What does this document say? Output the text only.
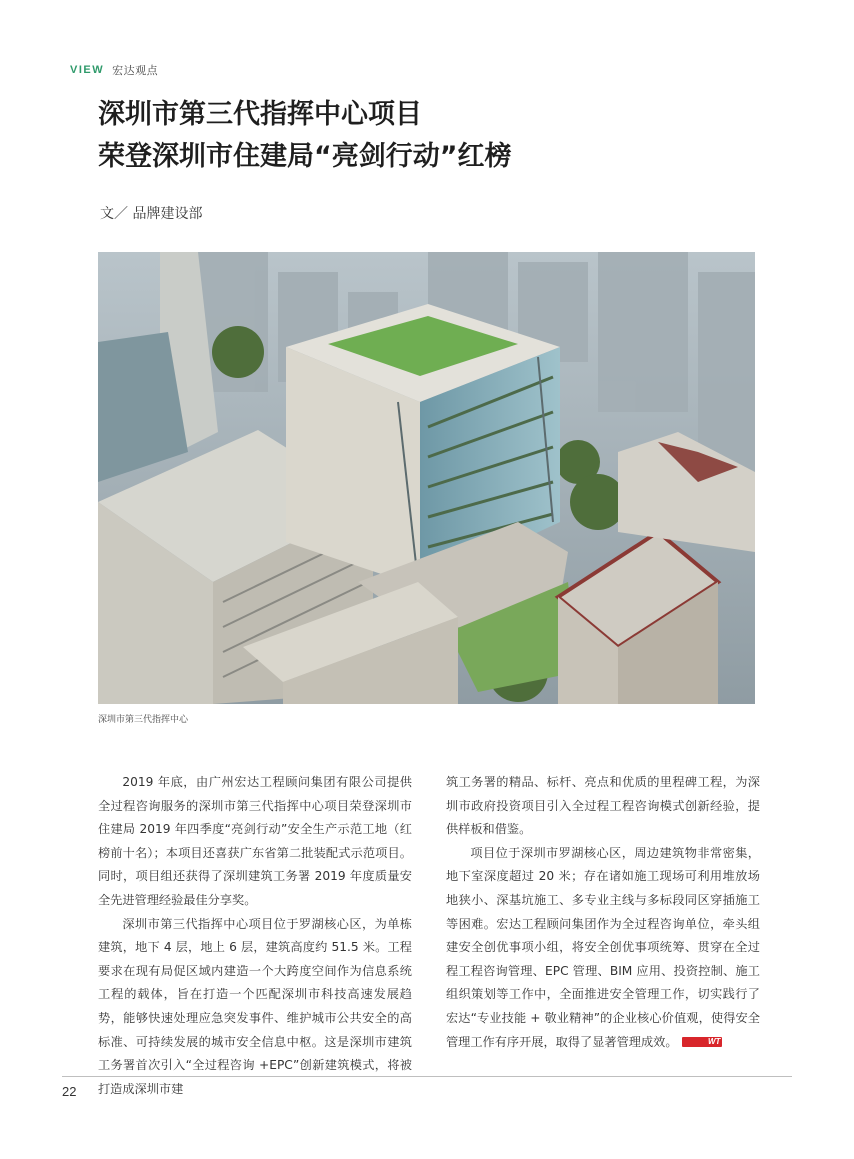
VIEW 宏达观点
深圳市第三代指挥中心项目
荣登深圳市住建局“亮剑行动”红榜
文／ 品牌建设部
深圳市第三代指挥中心

2019 年底，由广州宏达工程顾问集团有限公司提供全过程咨询服务的深圳市第三代指挥中心项目荣登深圳市住建局 2019 年四季度“亮剑行动”安全生产示范工地（红榜前十名）；本项目还喜获广东省第二批装配式示范项目。同时，项目组还获得了深圳建筑工务署 2019 年度质量安全先进管理经验最佳分享奖。

深圳市第三代指挥中心项目位于罗湖核心区，为单栋建筑，地下 4 层，地上 6 层，建筑高度约 51.5 米。工程要求在现有局促区域内建造一个大跨度空间作为信息系统工程的载体，旨在打造一个匹配深圳市科技高速发展趋势，能够快速处理应急突发事件、维护城市公共安全的高标准、可持续发展的城市安全信息中枢。这是深圳市建筑工务署首次引入“全过程咨询 +EPC”创新建筑模式，将被打造成深圳市建

筑工务署的精品、标杆、亮点和优质的里程碑工程，为深圳市政府投资项目引入全过程工程咨询模式创新经验，提供样板和借鉴。

项目位于深圳市罗湖核心区，周边建筑物非常密集，地下室深度超过 20 米；存在诸如施工现场可利用堆放场地狭小、深基坑施工、多专业主线与多标段同区穿插施工等困难。宏达工程顾问集团作为全过程咨询单位，牵头组建安全创优事项小组，将安全创优事项统筹、贯穿在全过程工程咨询管理、EPC 管理、BIM 应用、投资控制、施工组织策划等工作中，全面推进安全管理工作，切实践行了宏达“专业技能 + 敬业精神”的企业核心价值观，使得安全管理工作有序开展，取得了显著管理成效。	WT

22
